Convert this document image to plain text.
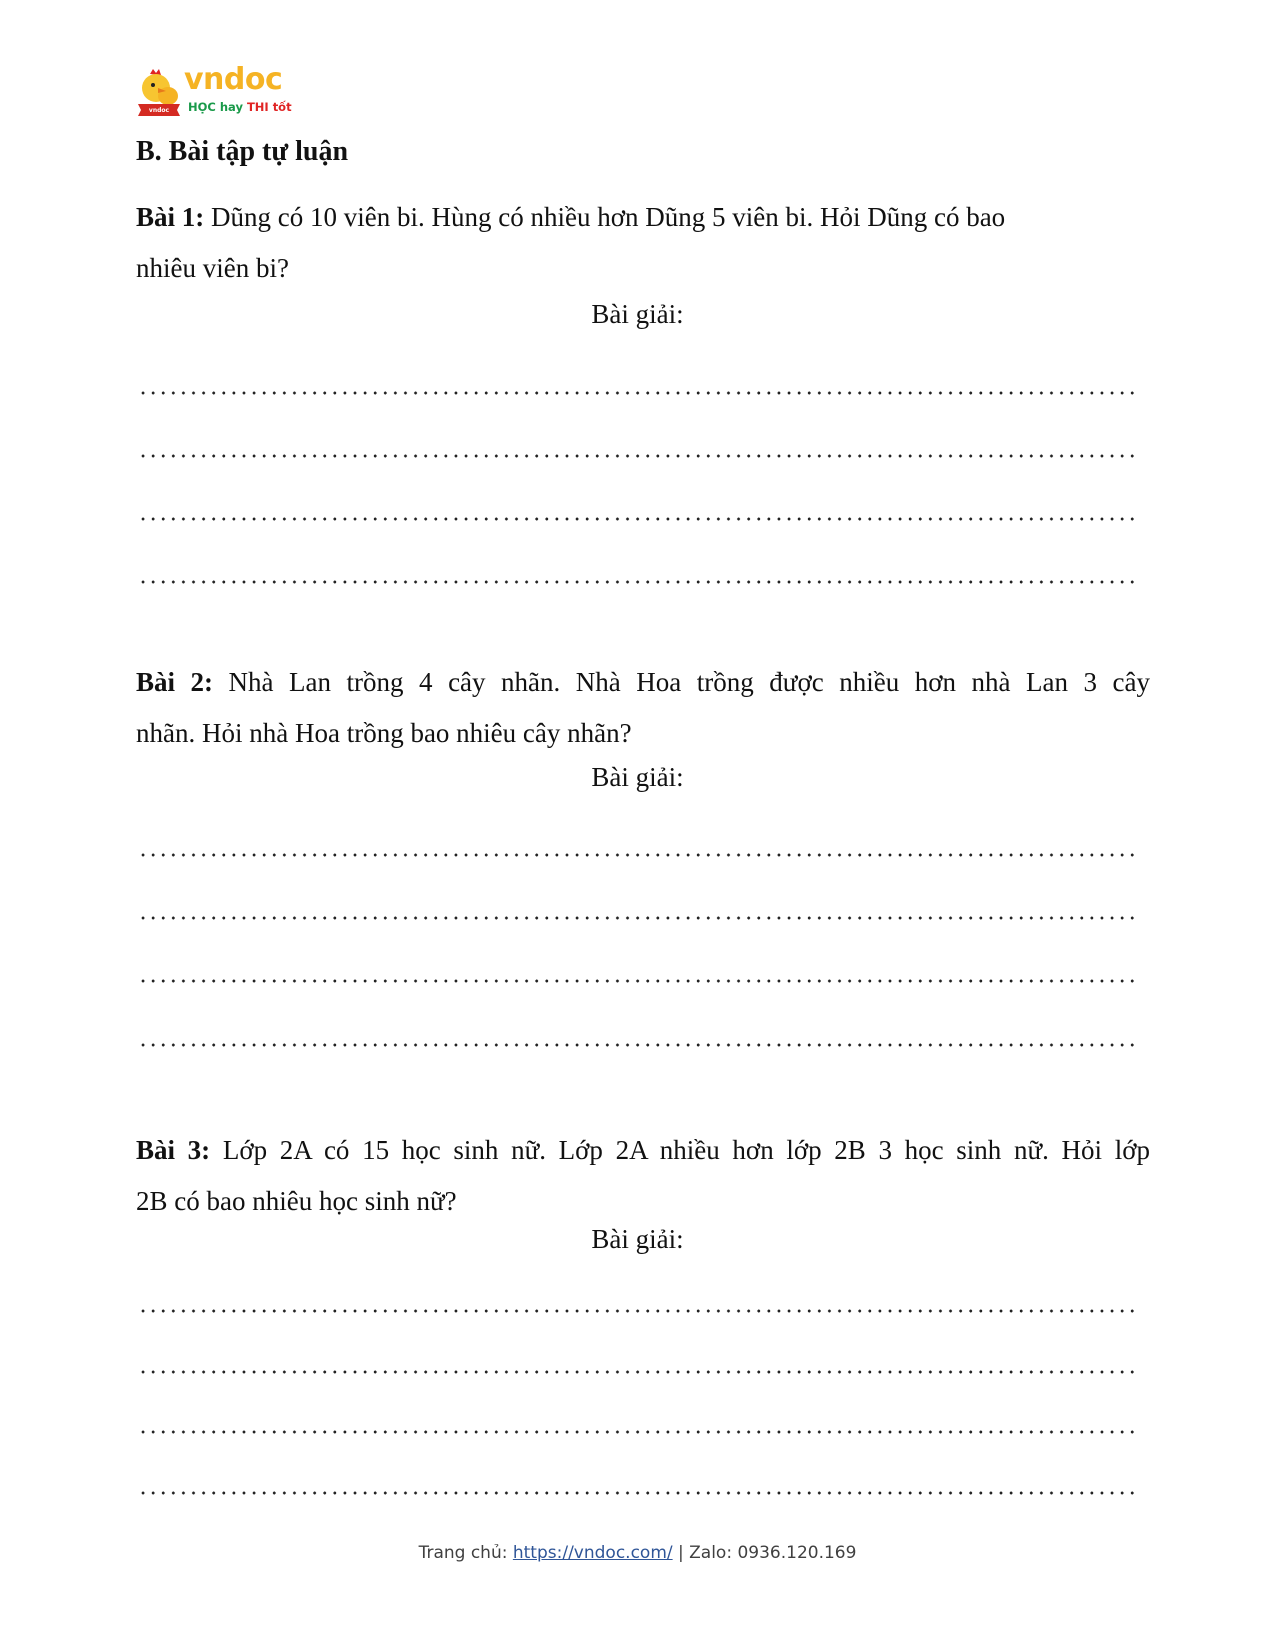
vndoc
vndoc
HỌC hay THI tốt
B. Bài tập tự luận
Bài 1: Dũng có 10 viên bi. Hùng có nhiều hơn Dũng 5 viên bi. Hỏi Dũng có bao
nhiêu viên bi?
Bài giải:
Bài 2: Nhà Lan trồng 4 cây nhãn. Nhà Hoa trồng được nhiều hơn nhà Lan 3 cây
nhãn. Hỏi nhà Hoa trồng bao nhiêu cây nhãn?
Bài giải:
Bài 3: Lớp 2A có 15 học sinh nữ. Lớp 2A nhiều hơn lớp 2B 3 học sinh nữ. Hỏi lớp
2B có bao nhiêu học sinh nữ?
Bài giải:
Trang chủ: https://vndoc.com/ | Zalo: 0936.120.169
